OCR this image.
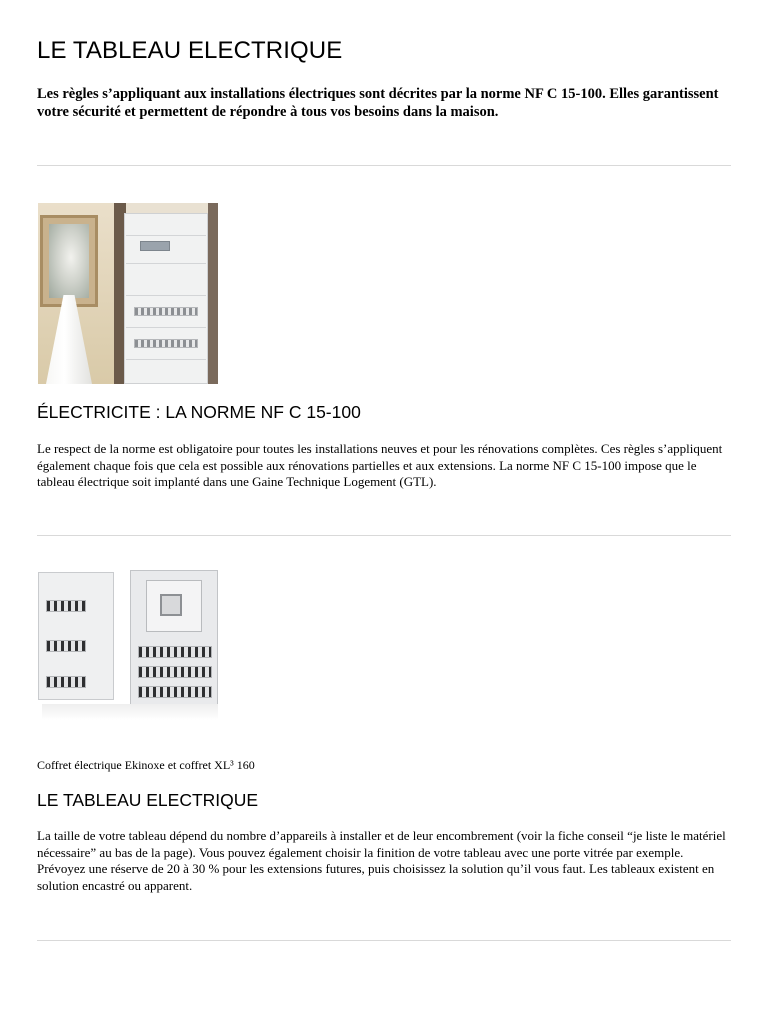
LE TABLEAU ELECTRIQUE

Les règles s’appliquant aux installations électriques sont décrites par la norme NF C 15-100. Elles garantissent votre sécurité et permettent de répondre à tous vos besoins dans la maison.

ÉLECTRICITE : LA NORME NF C 15-100

Le respect de la norme est obligatoire pour toutes les installations neuves et pour les rénovations complètes. Ces règles s’appliquent également chaque fois que cela est possible aux rénovations partielles et aux extensions. La norme NF C 15-100 impose que le tableau électrique soit implanté dans une Gaine Technique Logement (GTL).

Coffret électrique Ekinoxe et coffret XL³ 160

LE TABLEAU ELECTRIQUE

La taille de votre tableau dépend du nombre d’appareils à installer et de leur encombrement (voir la fiche conseil “je liste le matériel nécessaire” au bas de la page). Vous pouvez également choisir la finition de votre tableau avec une porte vitrée par exemple. Prévoyez une réserve de 20 à 30 % pour les extensions futures, puis choisissez la solution qu’il vous faut. Les tableaux existent en solution encastré ou apparent.
